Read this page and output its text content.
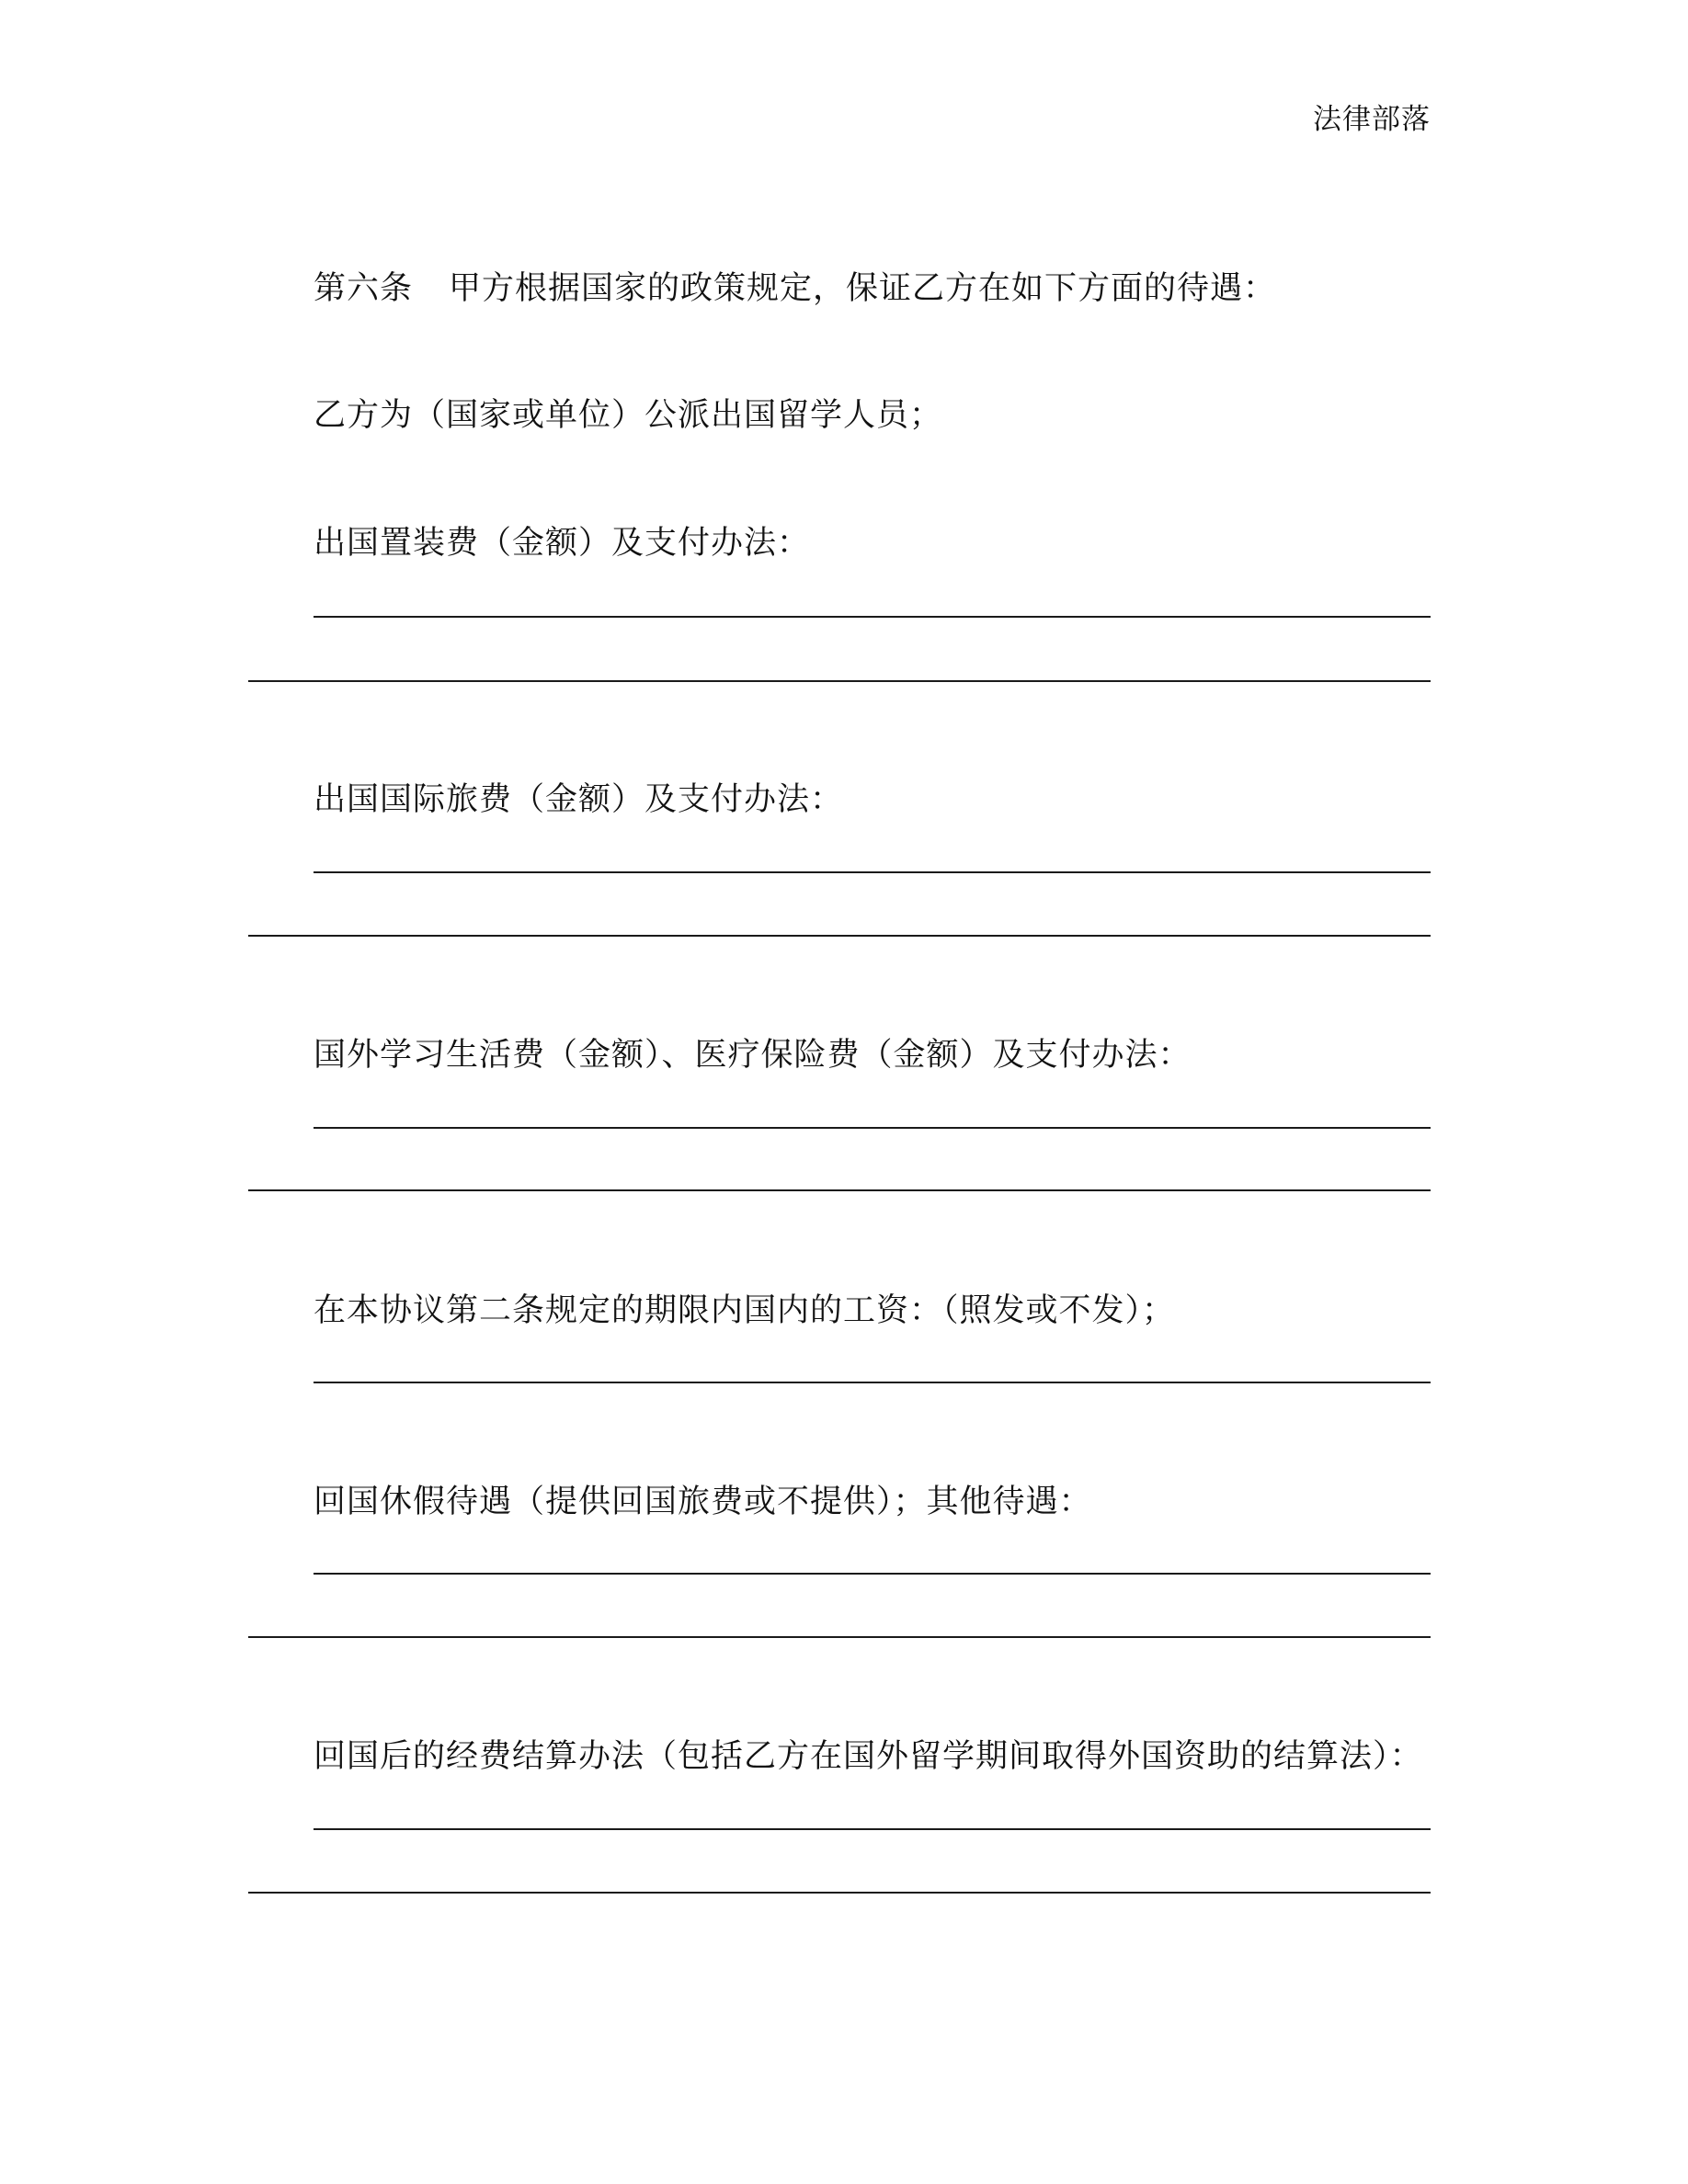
法律部落
第六条 甲方根据国家的政策规定，保证乙方在如下方面的待遇：
乙方为（国家或单位）公派出国留学人员；
出国置装费（金额）及支付办法：
出国国际旅费（金额）及支付办法：
国外学习生活费（金额）、医疗保险费（金额）及支付办法：
在本协议第二条规定的期限内国内的工资：（照发或不发）；
回国休假待遇（提供回国旅费或不提供）；其他待遇：
回国后的经费结算办法（包括乙方在国外留学期间取得外国资助的结算法）：
